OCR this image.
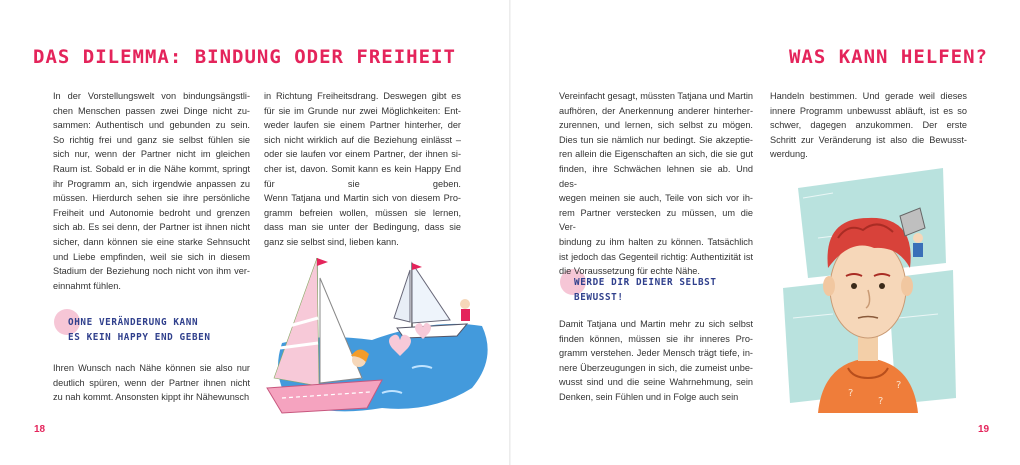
DAS DILEMMA: BINDUNG ODER FREIHEIT

In der Vorstellungswelt von bindungsängstli-

chen Menschen passen zwei Dinge nicht zu-

sammen: Authentisch und gebunden zu sein.

So richtig frei und ganz sie selbst fühlen sie

sich nur, wenn der Partner nicht im gleichen

Raum ist. Sobald er in die Nähe kommt, springt

ihr Programm an, sich irgendwie anpassen zu

müssen. Hierdurch sehen sie ihre persönliche

Freiheit und Autonomie bedroht und grenzen

sich ab. Es sei denn, der Partner ist ihnen nicht

sicher, dann können sie eine starke Sehnsucht

und Liebe empfinden, weil sie sich in diesem

Stadium der Beziehung noch nicht von ihm ver-

einnahmt fühlen.

OHNE VERÄNDERUNG KANN
ES KEIN HAPPY END GEBEN

Ihren Wunsch nach Nähe können sie also nur

deutlich spüren, wenn der Partner ihnen nicht

zu nah kommt. Ansonsten kippt ihr Nähewunsch

in Richtung Freiheitsdrang. Deswegen gibt es

für sie im Grunde nur zwei Möglichkeiten: Ent-

weder laufen sie einem Partner hinterher, der

sich nicht wirklich auf die Beziehung einlässt –

oder sie laufen vor einem Partner, der ihnen si-

cher ist, davon. Somit kann es kein Happy End

für sie geben.

Wenn Tatjana und Martin sich von diesem Pro-

gramm befreien wollen, müssen sie lernen,

dass man sie unter der Bedingung, dass sie

ganz sie selbst sind, lieben kann.

18
WAS KANN HELFEN?

Vereinfacht gesagt, müssten Tatjana und Martin

aufhören, der Anerkennung anderer hinterher-

zurennen, und lernen, sich selbst zu mögen.

Dies tun sie nämlich nur bedingt. Sie akzeptie-

ren allein die Eigenschaften an sich, die sie gut

finden, ihre Schwächen lehnen sie ab. Und des-

wegen meinen sie auch, Teile von sich vor ih-

rem Partner verstecken zu müssen, um die Ver-

bindung zu ihm halten zu können. Tatsächlich

ist jedoch das Gegenteil richtig: Authentizität ist

die Voraussetzung für echte Nähe.

WERDE DIR DEINER SELBST
BEWUSST!

Damit Tatjana und Martin mehr zu sich selbst

finden können, müssen sie ihr inneres Pro-

gramm verstehen. Jeder Mensch trägt tiefe, in-

nere Überzeugungen in sich, die zumeist unbe-

wusst sind und die seine Wahrnehmung, sein

Denken, sein Fühlen und in Folge auch sein

Handeln bestimmen. Und gerade weil dieses

innere Programm unbewusst abläuft, ist es so

schwer, dagegen anzukommen. Der erste

Schritt zur Veränderung ist also die Bewusst-

werdung.

?
?
?
19
